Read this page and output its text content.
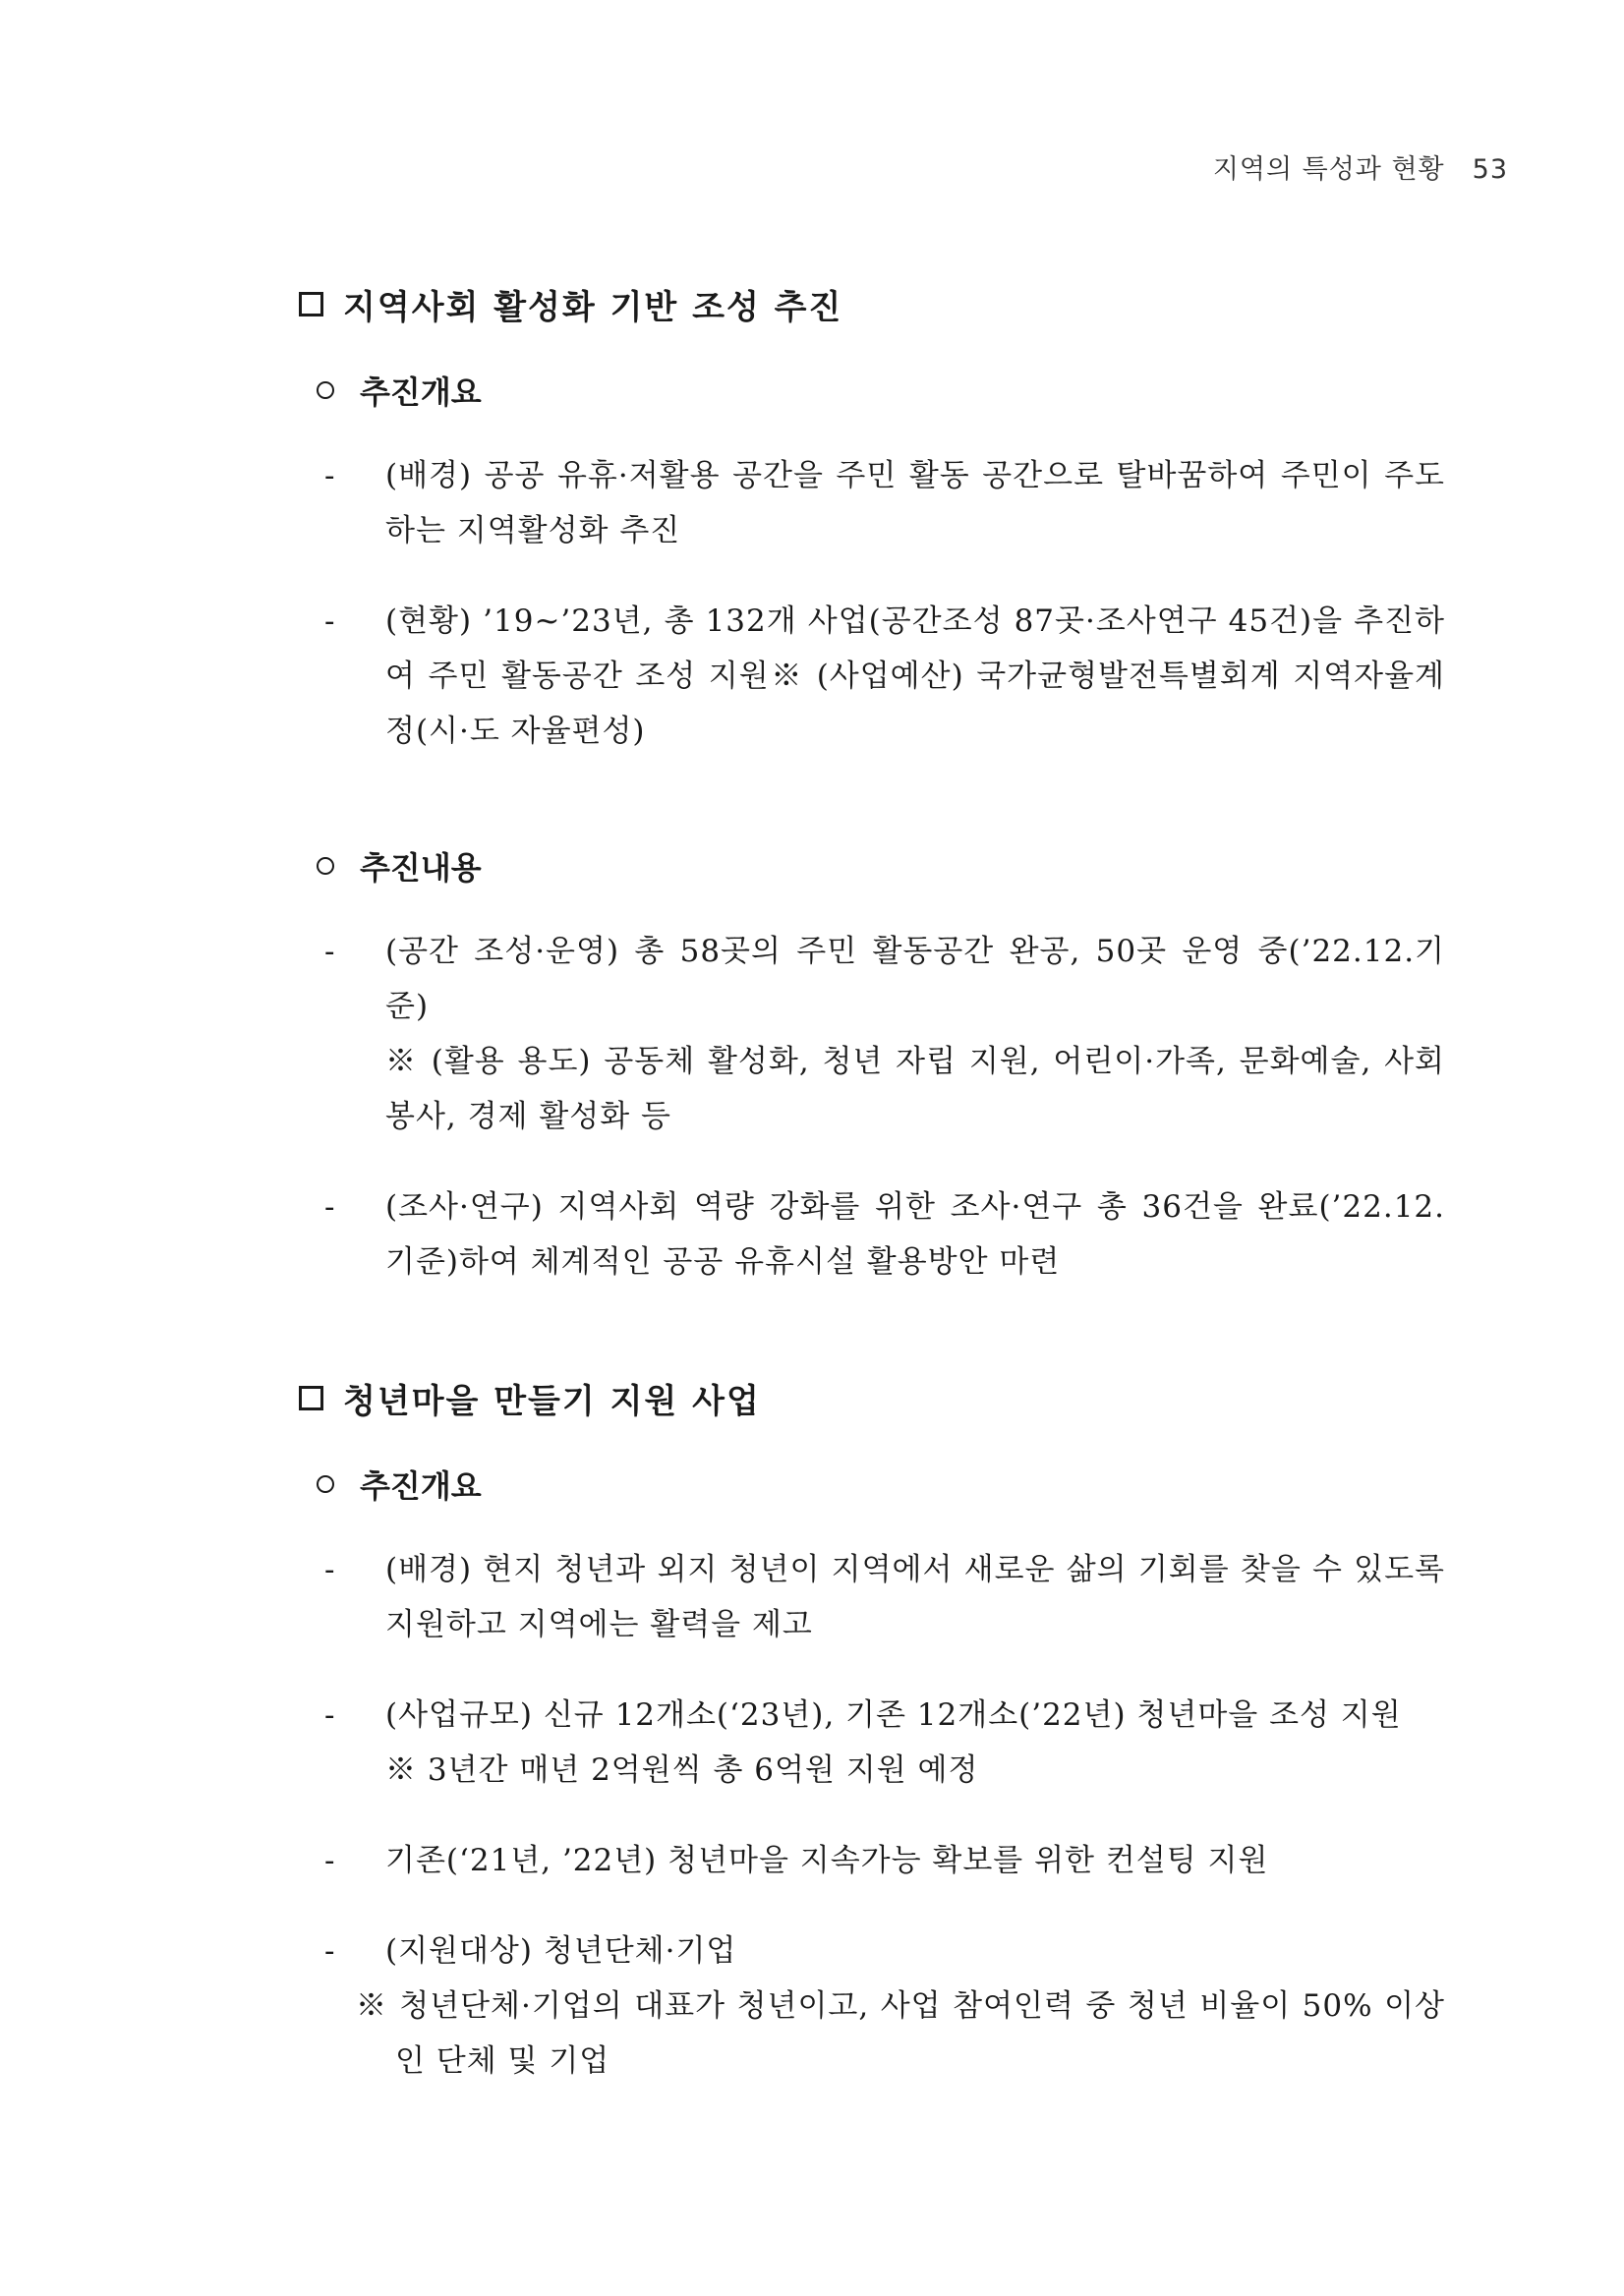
지역의 특성과 현황 53
지역사회 활성화 기반 조성 추진
추진개요
- (배경) 공공 유휴·저활용 공간을 주민 활동 공간으로 탈바꿈하여 주민이 주도하는 지역활성화 추진
- (현황) ’19~’23년, 총 132개 사업(공간조성 87곳·조사연구 45건)을 추진하여 주민 활동공간 조성 지원※ (사업예산) 국가균형발전특별회계 지역자율계정(시·도 자율편성)
추진내용
- (공간 조성·운영) 총 58곳의 주민 활동공간 완공, 50곳 운영 중(’22.12.기준)
※ (활용 용도) 공동체 활성화, 청년 자립 지원, 어린이·가족, 문화예술, 사회봉사, 경제 활성화 등
- (조사·연구) 지역사회 역량 강화를 위한 조사·연구 총 36건을 완료(’22.12.기준)하여 체계적인 공공 유휴시설 활용방안 마련
청년마을 만들기 지원 사업
추진개요
- (배경) 현지 청년과 외지 청년이 지역에서 새로운 삶의 기회를 찾을 수 있도록 지원하고 지역에는 활력을 제고
- (사업규모) 신규 12개소(‘23년), 기존 12개소(’22년) 청년마을 조성 지원
※ 3년간 매년 2억원씩 총 6억원 지원 예정
- 기존(‘21년, ’22년) 청년마을 지속가능 확보를 위한 컨설팅 지원
- (지원대상) 청년단체·기업
※ 청년단체·기업의 대표가 청년이고, 사업 참여인력 중 청년 비율이 50% 이상인 단체 및 기업
